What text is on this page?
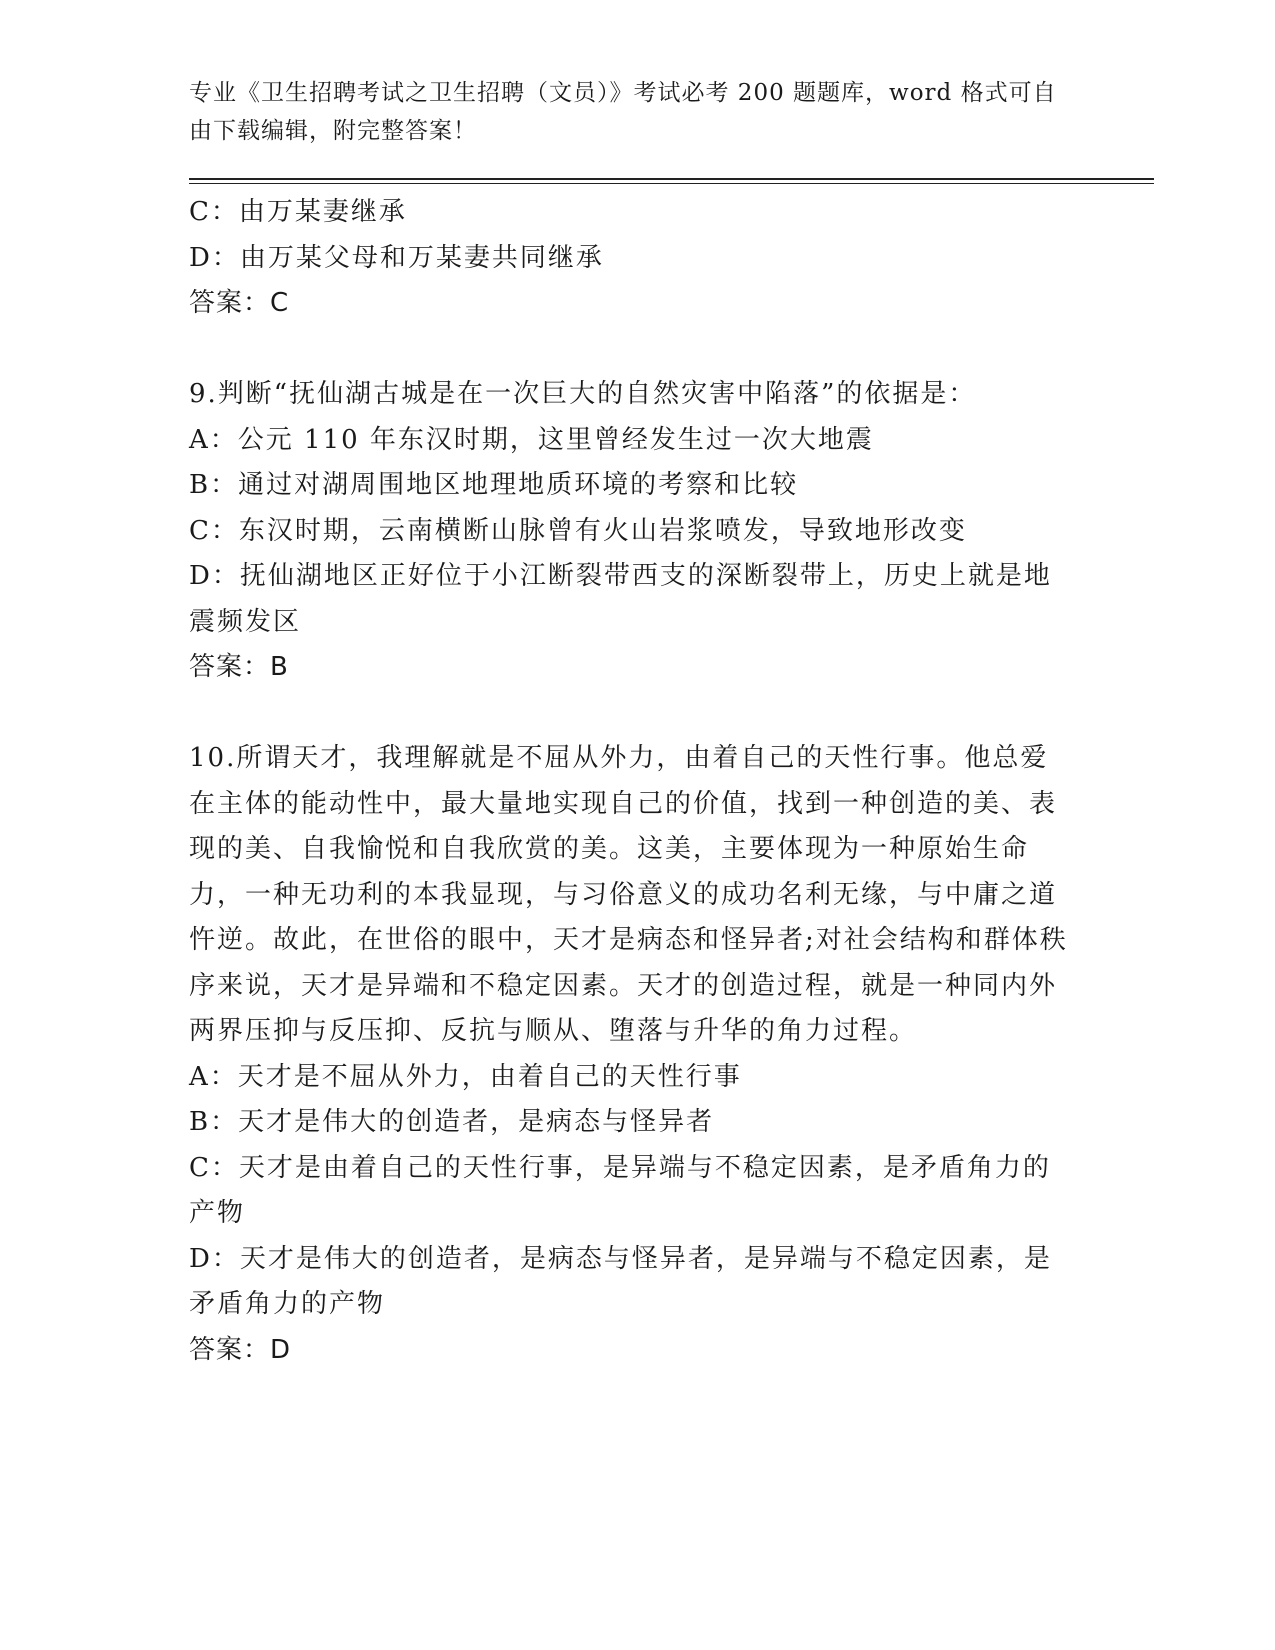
专业《卫生招聘考试之卫生招聘（文员）》考试必考 200 题题库，word 格式可自由下载编辑，附完整答案！
C：由万某妻继承
D：由万某父母和万某妻共同继承
答案：C
9.判断“抚仙湖古城是在一次巨大的自然灾害中陷落”的依据是：
A：公元 110 年东汉时期，这里曾经发生过一次大地震
B：通过对湖周围地区地理地质环境的考察和比较
C：东汉时期，云南横断山脉曾有火山岩浆喷发，导致地形改变
D：抚仙湖地区正好位于小江断裂带西支的深断裂带上，历史上就是地震频发区
答案：B
10.所谓天才，我理解就是不屈从外力，由着自己的天性行事。他总爱在主体的能动性中，最大量地实现自己的价值，找到一种创造的美、表现的美、自我愉悦和自我欣赏的美。这美，主要体现为一种原始生命力，一种无功利的本我显现，与习俗意义的成功名利无缘，与中庸之道忤逆。故此，在世俗的眼中，天才是病态和怪异者;对社会结构和群体秩序来说，天才是异端和不稳定因素。天才的创造过程，就是一种同内外两界压抑与反压抑、反抗与顺从、堕落与升华的角力过程。
A：天才是不屈从外力，由着自己的天性行事
B：天才是伟大的创造者，是病态与怪异者
C：天才是由着自己的天性行事，是异端与不稳定因素，是矛盾角力的产物
D：天才是伟大的创造者，是病态与怪异者，是异端与不稳定因素，是矛盾角力的产物
答案：D
